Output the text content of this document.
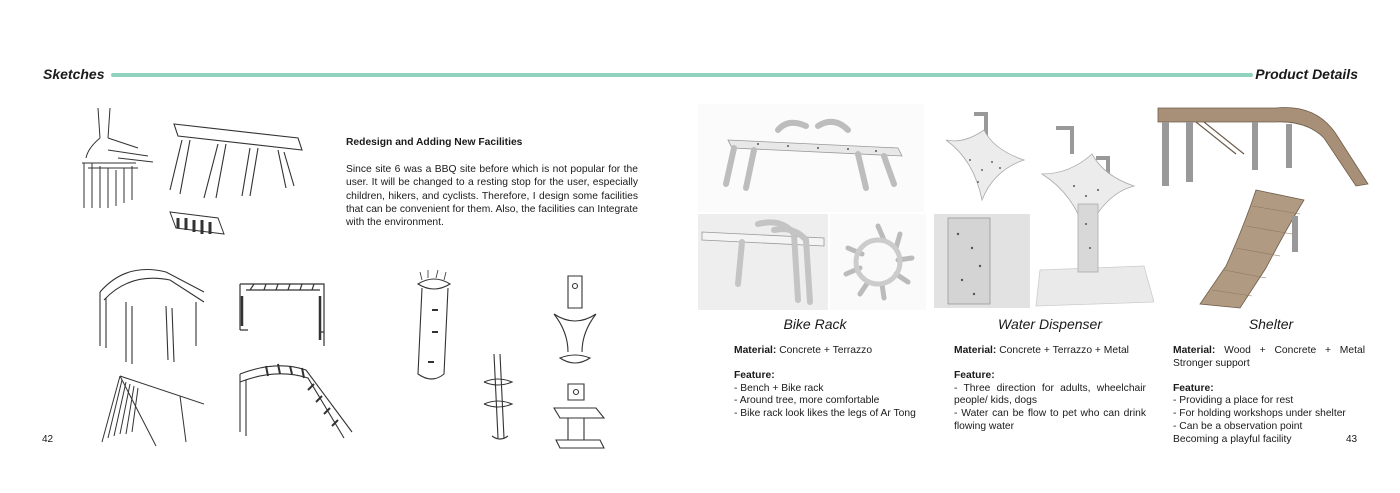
Sketches	Product Details
Redesign and Adding New Facilities

Since site 6 was a BBQ site before which is not popular for the user. It will be changed to a resting stop for the user, especially children, hikers, and cyclists. Therefore, I design some facilities that can be convenient for them. Also, the facilities can Integrate with the environment.

Bike Rack
Material: Concrete + Terrazzo
Feature:
- Bench + Bike rack
- Around tree, more comfortable
- Bike rack look likes the legs of Ar Tong
Water Dispenser
Material: Concrete + Terrazzo + Metal
Feature:
- Three direction for adults, wheelchair people/ kids, dogs
- Water can be flow to pet who can drink flowing water
Shelter
Material: Wood + Concrete + Metal Stronger support
Feature:
- Providing a place for rest
- For holding workshops under shelter
- Can be a observation point Becoming a playful facility
42	43
